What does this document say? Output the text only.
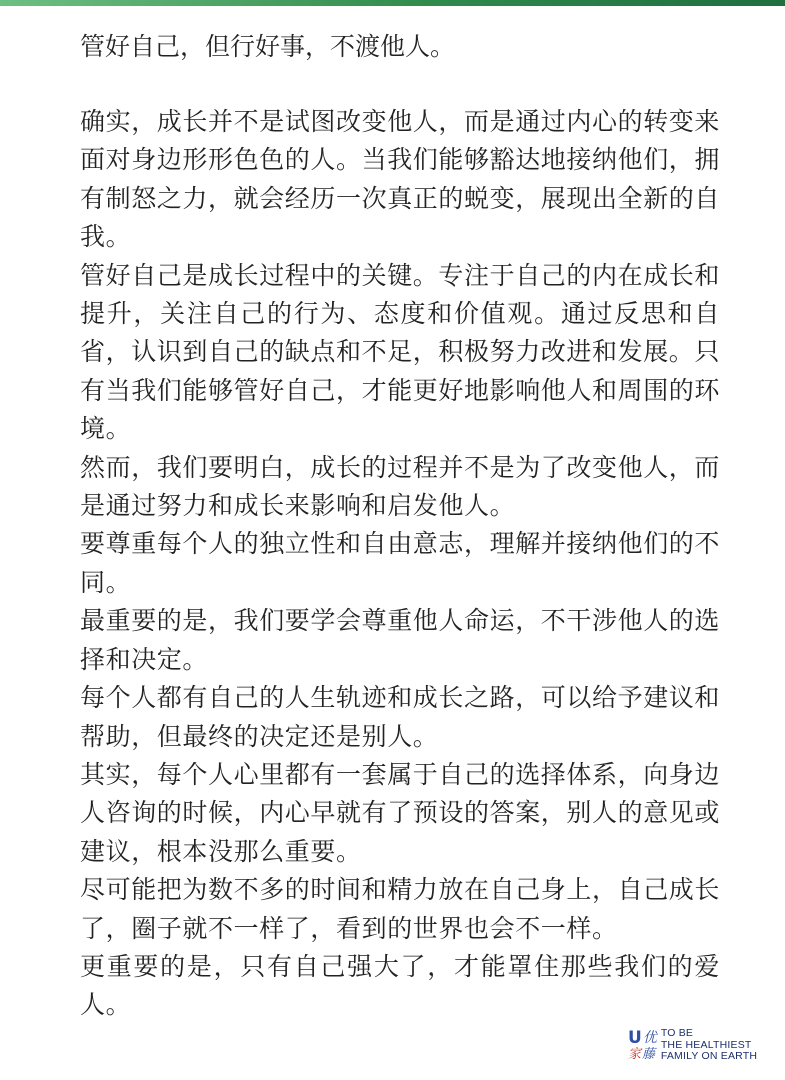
管好自己，但行好事，不渡他人。

确实，成长并不是试图改变他人，而是通过内心的转变来面对身边形形色色的人。当我们能够豁达地接纳他们，拥有制怒之力，就会经历一次真正的蜕变，展现出全新的自我。

管好自己是成长过程中的关键。专注于自己的内在成长和提升，关注自己的行为、态度和价值观。通过反思和自省，认识到自己的缺点和不足，积极努力改进和发展。只有当我们能够管好自己，才能更好地影响他人和周围的环境。

然而，我们要明白，成长的过程并不是为了改变他人，而是通过努力和成长来影响和启发他人。

要尊重每个人的独立性和自由意志，理解并接纳他们的不同。

最重要的是，我们要学会尊重他人命运，不干涉他人的选择和决定。

每个人都有自己的人生轨迹和成长之路，可以给予建议和帮助，但最终的决定还是别人。

其实，每个人心里都有一套属于自己的选择体系，向身边人咨询的时候，内心早就有了预设的答案，别人的意见或建议，根本没那么重要。

尽可能把为数不多的时间和精力放在自己身上，自己成长了，圈子就不一样了，看到的世界也会不一样。

更重要的是，只有自己强大了，才能罩住那些我们的爱人。

U 优
家 藤
TO BE
THE HEALTHIEST
FAMILY ON EARTH
